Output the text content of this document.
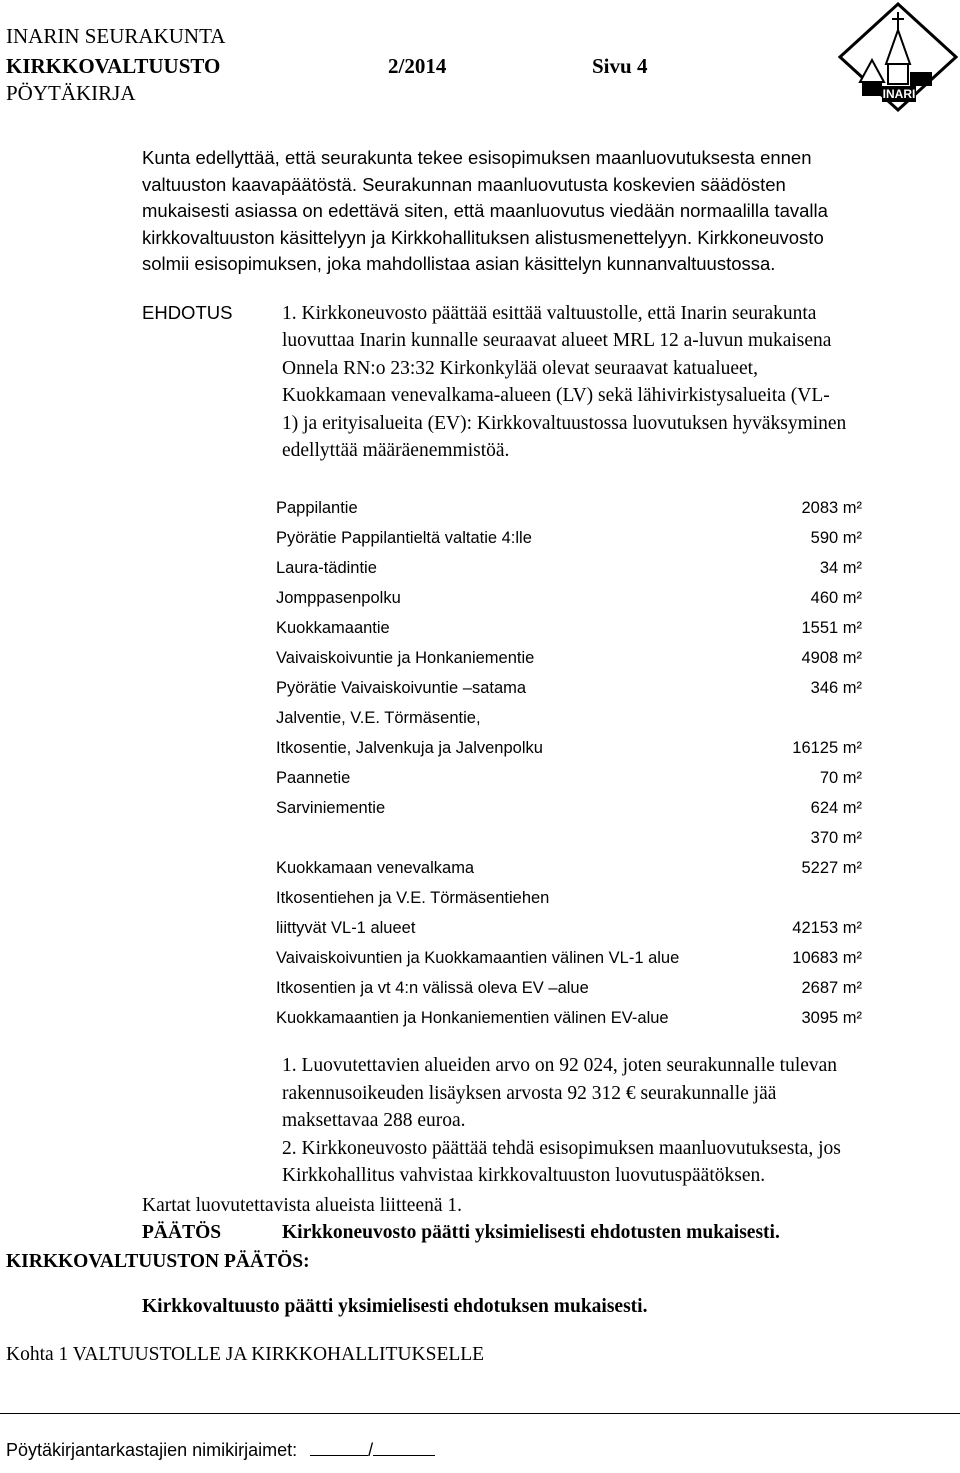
INARIN SEURAKUNTA
KIRKKOVALTUUSTO	2/2014	Sivu 4
PÖYTÄKIRJA	INARI
Kunta edellyttää, että seurakunta tekee esisopimuksen maanluovutuksesta ennen
valtuuston kaavapäätöstä. Seurakunnan maanluovutusta koskevien säädösten
mukaisesti asiassa on edettävä siten, että maanluovutus viedään normaalilla tavalla
kirkkovaltuuston käsittelyyn ja Kirkkohallituksen alistusmenettelyyn. Kirkkoneuvosto
solmii esisopimuksen, joka mahdollistaa asian käsittelyn kunnanvaltuustossa.
EHDOTUS	1. Kirkkoneuvosto päättää esittää valtuustolle, että Inarin seurakunta
luovuttaa Inarin kunnalle seuraavat alueet MRL 12 a-luvun mukaisena
Onnela RN:o 23:32 Kirkonkylää olevat seuraavat katualueet,
Kuokkamaan venevalkama-alueen (LV) sekä lähivirkistysalueita (VL-
1) ja erityisalueita (EV): Kirkkovaltuustossa luovutuksen hyväksyminen
edellyttää määräenemmistöä.
Pappilantie	2083 m²
Pyörätie Pappilantieltä valtatie 4:lle	590 m²
Laura-tädintie	34 m²
Jomppasenpolku	460 m²
Kuokkamaantie	1551 m²
Vaivaiskoivuntie ja Honkaniementie	4908 m²
Pyörätie Vaivaiskoivuntie –satama	346 m²
Jalventie, V.E. Törmäsentie,	
Itkosentie, Jalvenkuja ja Jalvenpolku	16125 m²
Paannetie	70 m²
Sarviniementie	624 m²
	370 m²
Kuokkamaan venevalkama	5227 m²
Itkosentiehen ja V.E. Törmäsentiehen	
liittyvät VL-1 alueet	42153 m²
Vaivaiskoivuntien ja Kuokkamaantien välinen VL-1 alue	10683 m²
Itkosentien ja vt 4:n välissä oleva EV –alue	2687 m²
Kuokkamaantien ja Honkaniementien välinen EV-alue	3095 m²
1. Luovutettavien alueiden arvo on 92 024, joten seurakunnalle tulevan
rakennusoikeuden lisäyksen arvosta 92 312 € seurakunnalle jää
maksettavaa 288 euroa.
2. Kirkkoneuvosto päättää tehdä esisopimuksen maanluovutuksesta, jos
Kirkkohallitus vahvistaa kirkkovaltuuston luovutuspäätöksen.
Kartat luovutettavista alueista liitteenä 1.
PÄÄTÖS	Kirkkoneuvosto päätti yksimielisesti ehdotusten mukaisesti.
KIRKKOVALTUUSTON PÄÄTÖS:
Kirkkovaltuusto päätti yksimielisesti ehdotuksen mukaisesti.
Kohta 1 VALTUUSTOLLE JA KIRKKOHALLITUKSELLE
Pöytäkirjantarkastajien nimikirjaimet:	/
